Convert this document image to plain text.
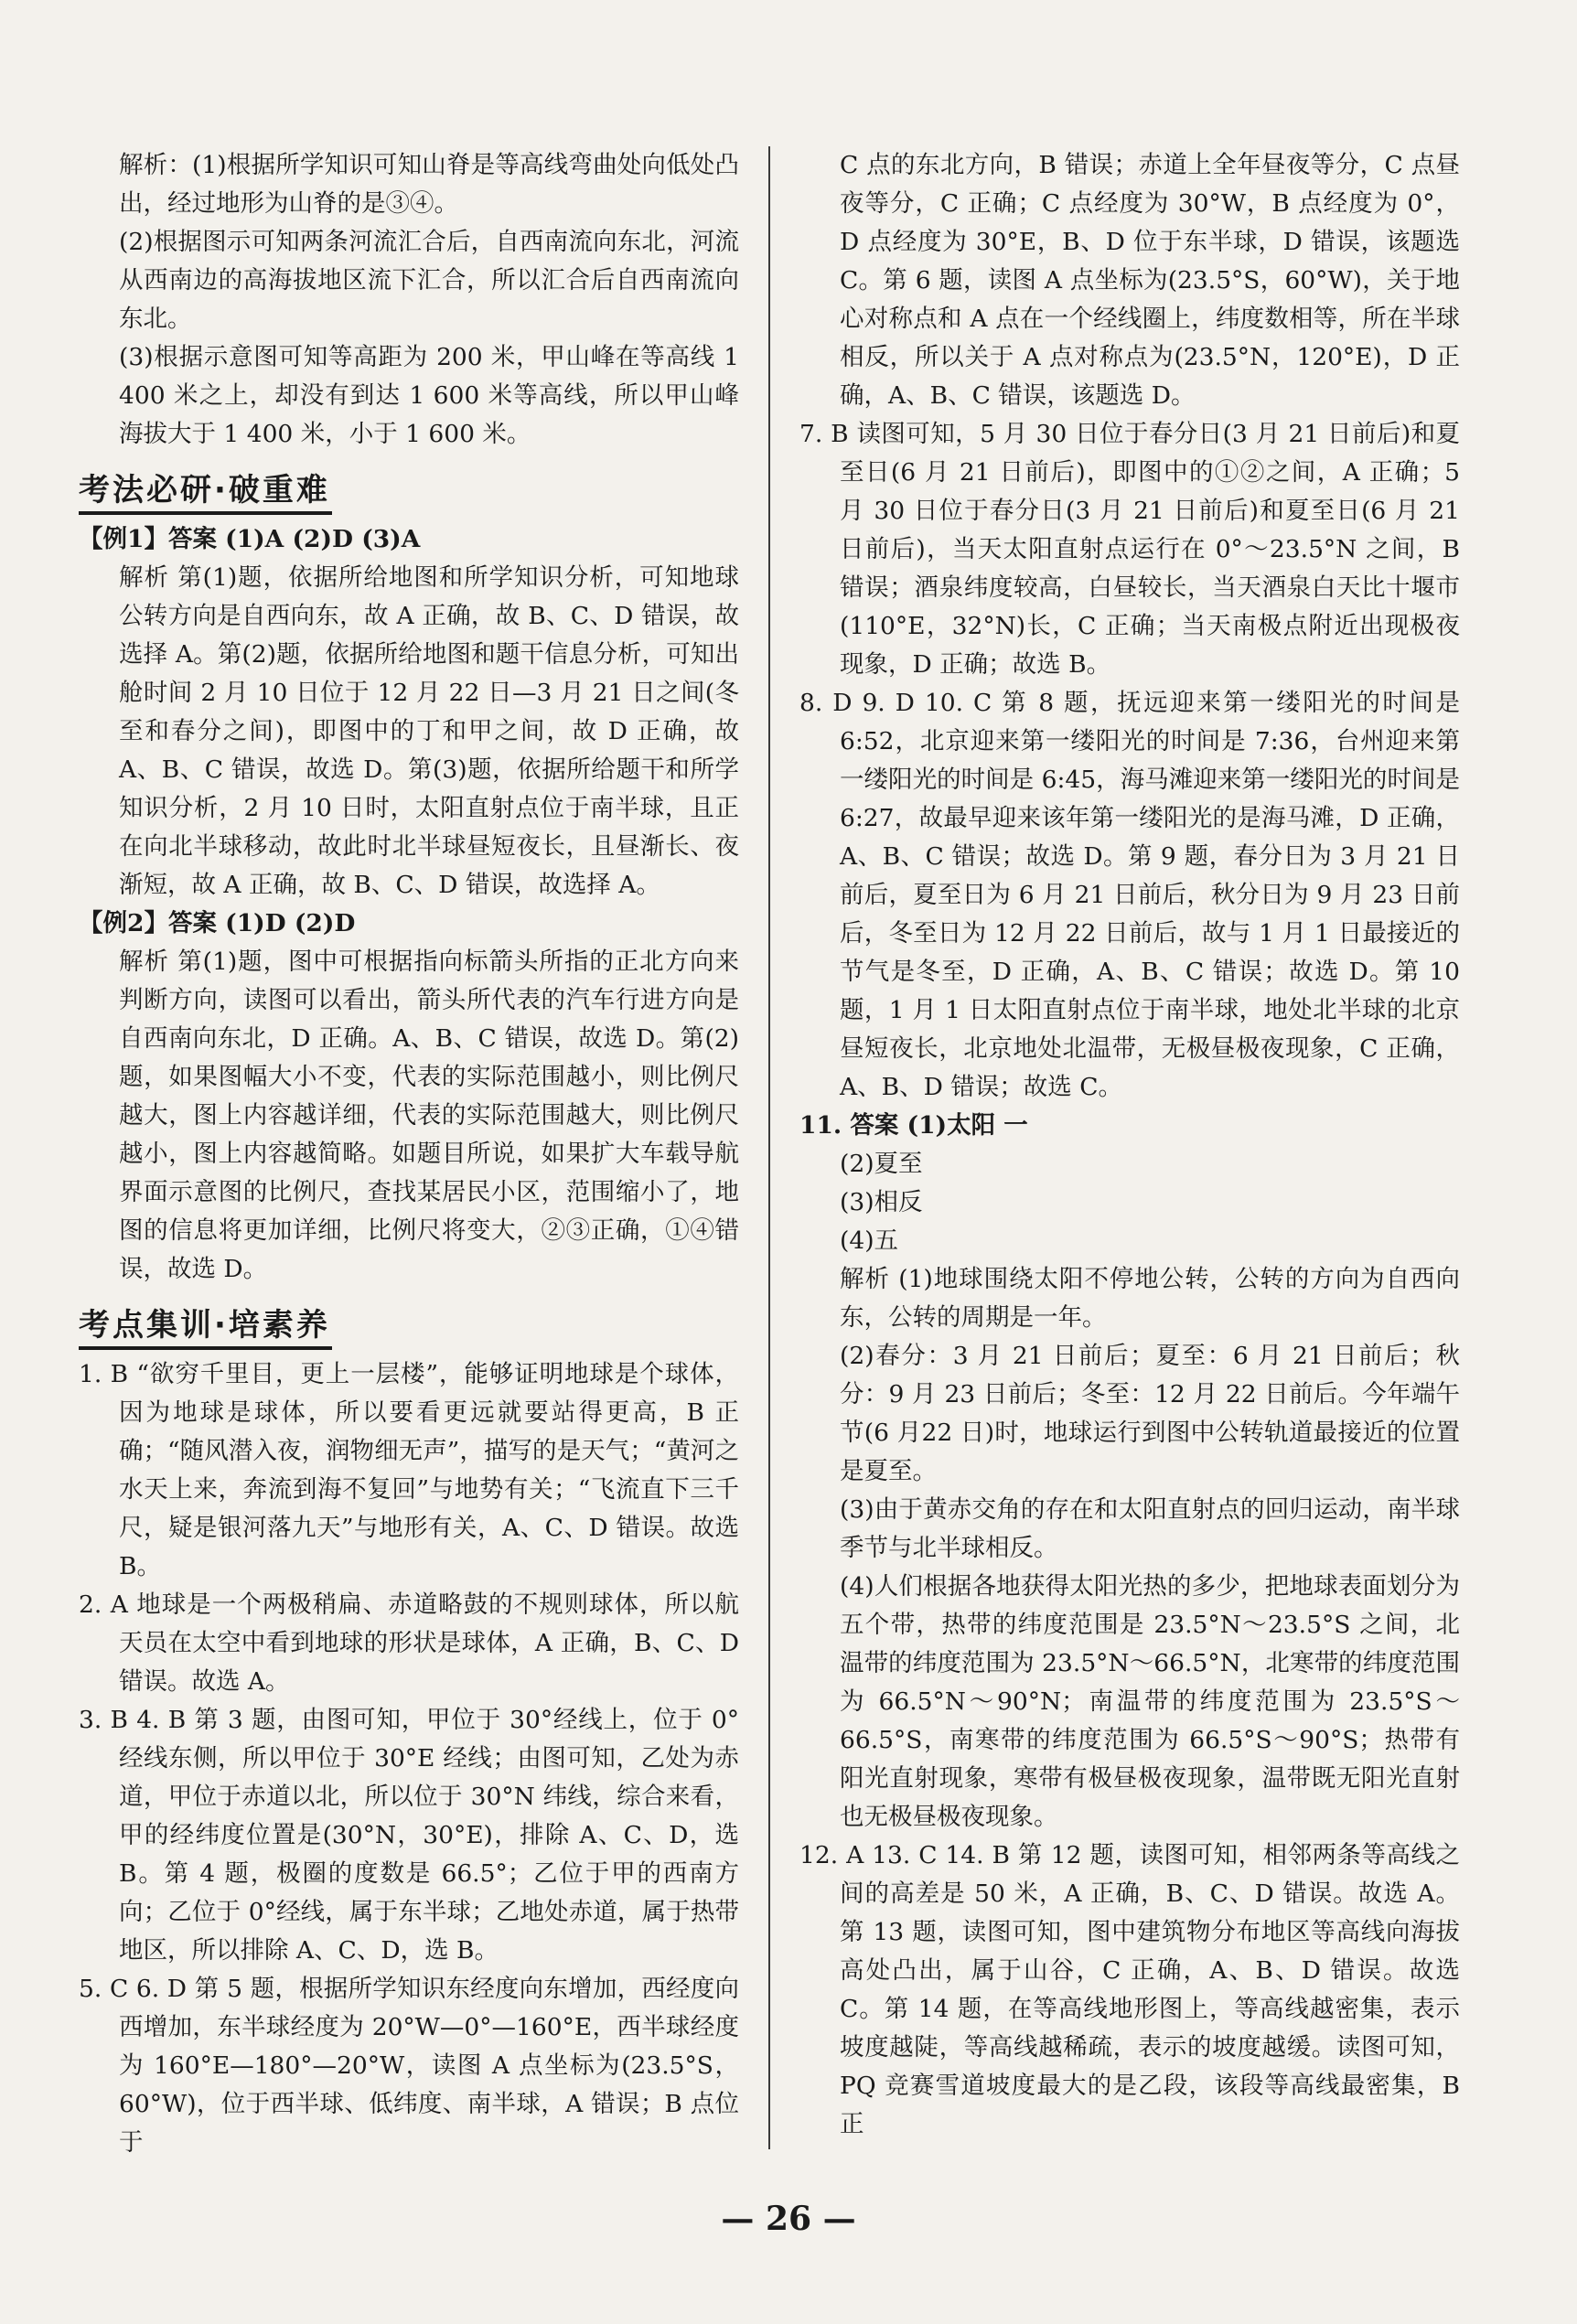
解析：(1)根据所学知识可知山脊是等高线弯曲处向低处凸出，经过地形为山脊的是③④。

(2)根据图示可知两条河流汇合后，自西南流向东北，河流从西南边的高海拔地区流下汇合，所以汇合后自西南流向东北。

(3)根据示意图可知等高距为 200 米，甲山峰在等高线 1 400 米之上，却没有到达 1 600 米等高线，所以甲山峰海拔大于 1 400 米，小于 1 600 米。

考法必研·破重难

【例1】答案 (1)A (2)D (3)A

解析 第(1)题，依据所给地图和所学知识分析，可知地球公转方向是自西向东，故 A 正确，故 B、C、D 错误，故选择 A。第(2)题，依据所给地图和题干信息分析，可知出舱时间 2 月 10 日位于 12 月 22 日—3 月 21 日之间(冬至和春分之间)，即图中的丁和甲之间，故 D 正确，故 A、B、C 错误，故选 D。第(3)题，依据所给题干和所学知识分析，2 月 10 日时，太阳直射点位于南半球，且正在向北半球移动，故此时北半球昼短夜长，且昼渐长、夜渐短，故 A 正确，故 B、C、D 错误，故选择 A。

【例2】答案 (1)D (2)D

解析 第(1)题，图中可根据指向标箭头所指的正北方向来判断方向，读图可以看出，箭头所代表的汽车行进方向是自西南向东北，D 正确。A、B、C 错误，故选 D。第(2)题，如果图幅大小不变，代表的实际范围越小，则比例尺越大，图上内容越详细，代表的实际范围越大，则比例尺越小，图上内容越简略。如题目所说，如果扩大车载导航界面示意图的比例尺，查找某居民小区，范围缩小了，地图的信息将更加详细，比例尺将变大，②③正确，①④错误，故选 D。

考点集训·培素养

1. B “欲穷千里目，更上一层楼”，能够证明地球是个球体，因为地球是球体，所以要看更远就要站得更高，B 正确；“随风潜入夜，润物细无声”，描写的是天气；“黄河之水天上来，奔流到海不复回”与地势有关；“飞流直下三千尺，疑是银河落九天”与地形有关，A、C、D 错误。故选 B。

2. A 地球是一个两极稍扁、赤道略鼓的不规则球体，所以航天员在太空中看到地球的形状是球体，A 正确，B、C、D 错误。故选 A。

3. B 4. B 第 3 题，由图可知，甲位于 30°经线上，位于 0°经线东侧，所以甲位于 30°E 经线；由图可知，乙处为赤道，甲位于赤道以北，所以位于 30°N 纬线，综合来看，甲的经纬度位置是(30°N，30°E)，排除 A、C、D，选 B。第 4 题，极圈的度数是 66.5°；乙位于甲的西南方向；乙位于 0°经线，属于东半球；乙地处赤道，属于热带地区，所以排除 A、C、D，选 B。

5. C 6. D 第 5 题，根据所学知识东经度向东增加，西经度向西增加，东半球经度为 20°W—0°—160°E，西半球经度为 160°E—180°—20°W，读图 A 点坐标为(23.5°S，60°W)，位于西半球、低纬度、南半球，A 错误；B 点位于

C 点的东北方向，B 错误；赤道上全年昼夜等分，C 点昼夜等分，C 正确；C 点经度为 30°W，B 点经度为 0°，D 点经度为 30°E，B、D 位于东半球，D 错误，该题选 C。第 6 题，读图 A 点坐标为(23.5°S，60°W)，关于地心对称点和 A 点在一个经线圈上，纬度数相等，所在半球相反，所以关于 A 点对称点为(23.5°N，120°E)，D 正确，A、B、C 错误，该题选 D。

7. B 读图可知，5 月 30 日位于春分日(3 月 21 日前后)和夏至日(6 月 21 日前后)，即图中的①②之间，A 正确；5 月 30 日位于春分日(3 月 21 日前后)和夏至日(6 月 21 日前后)，当天太阳直射点运行在 0°～23.5°N 之间，B 错误；酒泉纬度较高，白昼较长，当天酒泉白天比十堰市(110°E，32°N)长，C 正确；当天南极点附近出现极夜现象，D 正确；故选 B。

8. D 9. D 10. C 第 8 题，抚远迎来第一缕阳光的时间是 6:52，北京迎来第一缕阳光的时间是 7:36，台州迎来第一缕阳光的时间是 6:45，海马滩迎来第一缕阳光的时间是 6:27，故最早迎来该年第一缕阳光的是海马滩，D 正确，A、B、C 错误；故选 D。第 9 题，春分日为 3 月 21 日前后，夏至日为 6 月 21 日前后，秋分日为 9 月 23 日前后，冬至日为 12 月 22 日前后，故与 1 月 1 日最接近的节气是冬至，D 正确，A、B、C 错误；故选 D。第 10 题，1 月 1 日太阳直射点位于南半球，地处北半球的北京昼短夜长，北京地处北温带，无极昼极夜现象，C 正确，A、B、D 错误；故选 C。

11. 答案 (1)太阳 一

(2)夏至

(3)相反

(4)五

解析 (1)地球围绕太阳不停地公转，公转的方向为自西向东，公转的周期是一年。

(2)春分：3 月 21 日前后；夏至：6 月 21 日前后；秋分：9 月 23 日前后；冬至：12 月 22 日前后。今年端午节(6 月22 日)时，地球运行到图中公转轨道最接近的位置是夏至。

(3)由于黄赤交角的存在和太阳直射点的回归运动，南半球季节与北半球相反。

(4)人们根据各地获得太阳光热的多少，把地球表面划分为五个带，热带的纬度范围是 23.5°N～23.5°S 之间，北温带的纬度范围为 23.5°N～66.5°N，北寒带的纬度范围为 66.5°N～90°N；南温带的纬度范围为 23.5°S～66.5°S，南寒带的纬度范围为 66.5°S～90°S；热带有阳光直射现象，寒带有极昼极夜现象，温带既无阳光直射也无极昼极夜现象。

12. A 13. C 14. B 第 12 题，读图可知，相邻两条等高线之间的高差是 50 米，A 正确，B、C、D 错误。故选 A。第 13 题，读图可知，图中建筑物分布地区等高线向海拔高处凸出，属于山谷，C 正确，A、B、D 错误。故选 C。第 14 题，在等高线地形图上，等高线越密集，表示坡度越陡，等高线越稀疏，表示的坡度越缓。读图可知，PQ 竞赛雪道坡度最大的是乙段，该段等高线最密集，B 正

— 26 —
